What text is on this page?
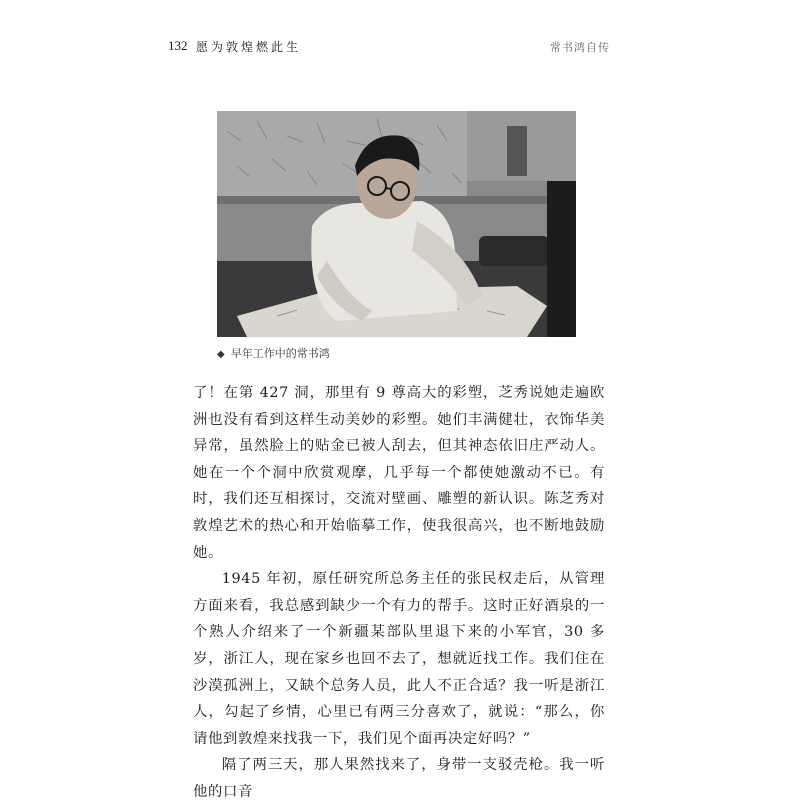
132 愿为敦煌燃此生	常书鸿自传
◆ 早年工作中的常书鸿

了！在第 427 洞，那里有 9 尊高大的彩塑，芝秀说她走遍欧洲也没有看到这样生动美妙的彩塑。她们丰满健壮，衣饰华美异常，虽然脸上的贴金已被人刮去，但其神态依旧庄严动人。她在一个个洞中欣赏观摩，几乎每一个都使她激动不已。有时，我们还互相探讨，交流对壁画、雕塑的新认识。陈芝秀对敦煌艺术的热心和开始临摹工作，使我很高兴，也不断地鼓励她。

1945 年初，原任研究所总务主任的张民权走后，从管理方面来看，我总感到缺少一个有力的帮手。这时正好酒泉的一个熟人介绍来了一个新疆某部队里退下来的小军官，30 多岁，浙江人，现在家乡也回不去了，想就近找工作。我们住在沙漠孤洲上，又缺个总务人员，此人不正合适？我一听是浙江人，勾起了乡情，心里已有两三分喜欢了，就说：“那么，你请他到敦煌来找我一下，我们见个面再决定好吗？”

隔了两三天，那人果然找来了，身带一支驳壳枪。我一听他的口音
